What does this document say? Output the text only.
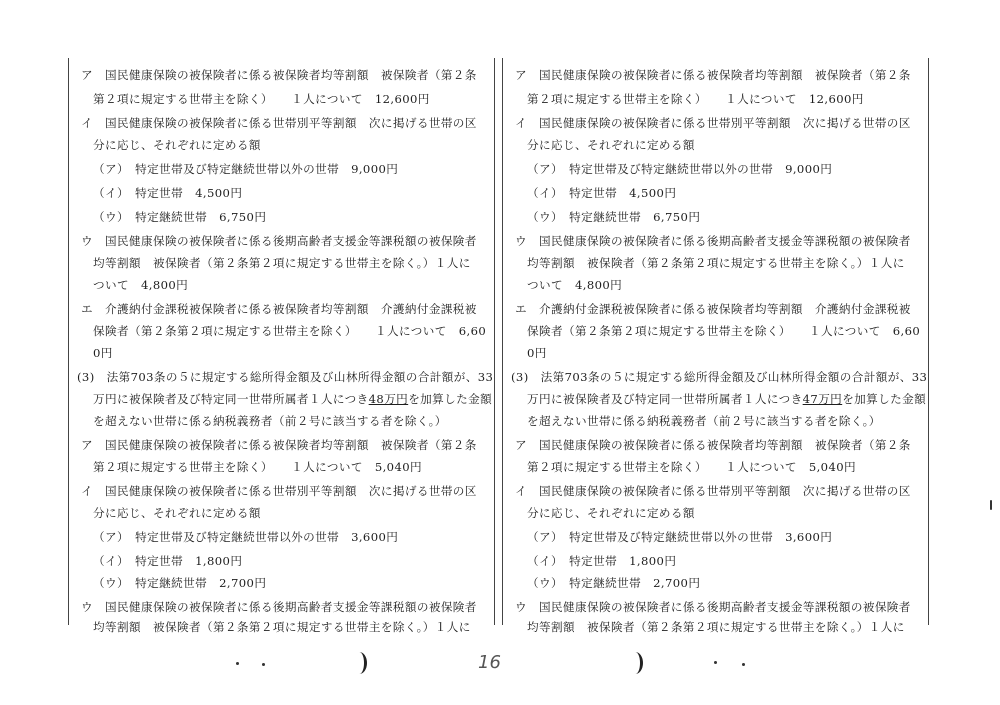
ア　国民健康保険の被保険者に係る被保険者均等割額　被保険者（第２条
第２項に規定する世帯主を除く）　　１人について　12,600円
イ　国民健康保険の被保険者に係る世帯別平等割額　次に掲げる世帯の区
分に応じ、それぞれに定める額
（ア）　特定世帯及び特定継続世帯以外の世帯　9,000円
（イ）　特定世帯　4,500円
（ウ）　特定継続世帯　6,750円
ウ　国民健康保険の被保険者に係る後期高齢者支援金等課税額の被保険者
均等割額　被保険者（第２条第２項に規定する世帯主を除く。）１人に
ついて　4,800円
エ　介護納付金課税被保険者に係る被保険者均等割額　介護納付金課税被
保険者（第２条第２項に規定する世帯主を除く）　　１人について　6,60
0円
(3)　法第703条の５に規定する総所得金額及び山林所得金額の合計額が、33
万円に被保険者及び特定同一世帯所属者１人につき48万円を加算した金額
を超えない世帯に係る納税義務者（前２号に該当する者を除く。）
ア　国民健康保険の被保険者に係る被保険者均等割額　被保険者（第２条
第２項に規定する世帯主を除く）　　１人について　5,040円
イ　国民健康保険の被保険者に係る世帯別平等割額　次に掲げる世帯の区
分に応じ、それぞれに定める額
（ア）　特定世帯及び特定継続世帯以外の世帯　3,600円
（イ）　特定世帯　1,800円
（ウ）　特定継続世帯　2,700円
ウ　国民健康保険の被保険者に係る後期高齢者支援金等課税額の被保険者
均等割額　被保険者（第２条第２項に規定する世帯主を除く。）１人に
ア　国民健康保険の被保険者に係る被保険者均等割額　被保険者（第２条
第２項に規定する世帯主を除く）　　１人について　12,600円
イ　国民健康保険の被保険者に係る世帯別平等割額　次に掲げる世帯の区
分に応じ、それぞれに定める額
（ア）　特定世帯及び特定継続世帯以外の世帯　9,000円
（イ）　特定世帯　4,500円
（ウ）　特定継続世帯　6,750円
ウ　国民健康保険の被保険者に係る後期高齢者支援金等課税額の被保険者
均等割額　被保険者（第２条第２項に規定する世帯主を除く。）１人に
ついて　4,800円
エ　介護納付金課税被保険者に係る被保険者均等割額　介護納付金課税被
保険者（第２条第２項に規定する世帯主を除く）　　１人について　6,60
0円
(3)　法第703条の５に規定する総所得金額及び山林所得金額の合計額が、33
万円に被保険者及び特定同一世帯所属者１人につき47万円を加算した金額
を超えない世帯に係る納税義務者（前２号に該当する者を除く。）
ア　国民健康保険の被保険者に係る被保険者均等割額　被保険者（第２条
第２項に規定する世帯主を除く）　　１人について　5,040円
イ　国民健康保険の被保険者に係る世帯別平等割額　次に掲げる世帯の区
分に応じ、それぞれに定める額
（ア）　特定世帯及び特定継続世帯以外の世帯　3,600円
（イ）　特定世帯　1,800円
（ウ）　特定継続世帯　2,700円
ウ　国民健康保険の被保険者に係る後期高齢者支援金等課税額の被保険者
均等割額　被保険者（第２条第２項に規定する世帯主を除く。）１人に
16
